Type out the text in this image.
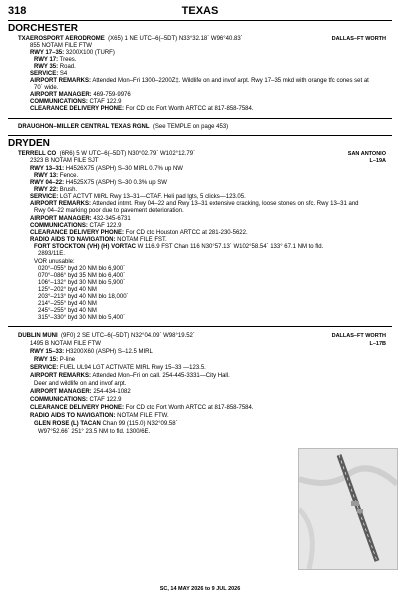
318	TEXAS
DORCHESTER
TXAEROSPORT AERODROME (X65) 1 NE UTC–6(–5DT) N33°32.18´ W96°40.83´	DALLAS–FT WORTH
855 NOTAM FILE FTW
RWY 17–35: 3200X100 (TURF)
RWY 17: Trees.
RWY 35: Road.
SERVICE: S4
AIRPORT REMARKS: Attended Mon–Fri 1300–2200Z‡. Wildlife on and invof arpt. Rwy 17–35 mkd with orange tfc cones set at
70´ wide.
AIRPORT MANAGER: 469-759-9976
COMMUNICATIONS: CTAF 122.9
CLEARANCE DELIVERY PHONE: For CD ctc Fort Worth ARTCC at 817-858-7584.
DRAUGHON–MILLER CENTRAL TEXAS RGNL (See TEMPLE on page 453)
DRYDEN
TERRELL CO (6R6) 5 W UTC–6(–5DT) N30°02.79´ W102°12.79´	SAN ANTONIO
L–19A
2323 B NOTAM FILE SJT
RWY 13–31: H4526X75 (ASPH) S–30 MIRL 0.7% up NW
RWY 13: Fence.
RWY 04–22: H4525X75 (ASPH) S–30 0.3% up SW
RWY 22: Brush.
SERVICE: LGT ACTVT MIRL Rwy 13–31—CTAF. Heli pad lgts, 5 clicks—123.05.
AIRPORT REMARKS: Attended intmt. Rwy 04–22 and Rwy 13–31 extensive cracking, loose stones on sfc. Rwy 13–31 and
Rwy 04–22 marking poor due to pavement deterioration.
AIRPORT MANAGER: 432-345-6731
COMMUNICATIONS: CTAF 122.9
CLEARANCE DELIVERY PHONE: For CD ctc Houston ARTCC at 281-230-5622.
RADIO AIDS TO NAVIGATION: NOTAM FILE FST.
FORT STOCKTON (VH) (H) VORTAC W 116.9 FST Chan 116 N30°57.13´ W102°58.54´ 133° 67.1 NM to fld.
2893/11E.
VOR unusable:
020°–055° byd 20 NM blo 6,900´
070°–086° byd 35 NM blo 6,400´
106°–132° byd 30 NM blo 5,900´
125°–202° byd 40 NM
203°–213° byd 40 NM blo 18,000´
214°–255° byd 40 NM
245°–255° byd 40 NM
315°–330° byd 30 NM blo 5,400´
DUBLIN MUNI (9F0) 2 SE UTC–6(–5DT) N32°04.09´ W98°19.52´	DALLAS–FT WORTH
L–17B
1495 B NOTAM FILE FTW
RWY 15–33: H3200X60 (ASPH) S–12.5 MIRL
RWY 15: P-line
SERVICE: FUEL UL94 LGT ACTIVATE MIRL Rwy 15–33 —123.5.
AIRPORT REMARKS: Attended Mon–Fri on call. 254-445-3331—City Hall.
Deer and wildlife on and invof arpt.
AIRPORT MANAGER: 254-434-1082
COMMUNICATIONS: CTAF 122.9
CLEARANCE DELIVERY PHONE: For CD ctc Fort Worth ARTCC at 817-858-7584.
RADIO AIDS TO NAVIGATION: NOTAM FILE FTW.
GLEN ROSE (L) TACAN Chan 99 (115.0) N32°09.58´
W97°52.66´ 251° 23.5 NM to fld. 1300/6E.
SC, 14 MAY 2026 to 9 JUL 2026
